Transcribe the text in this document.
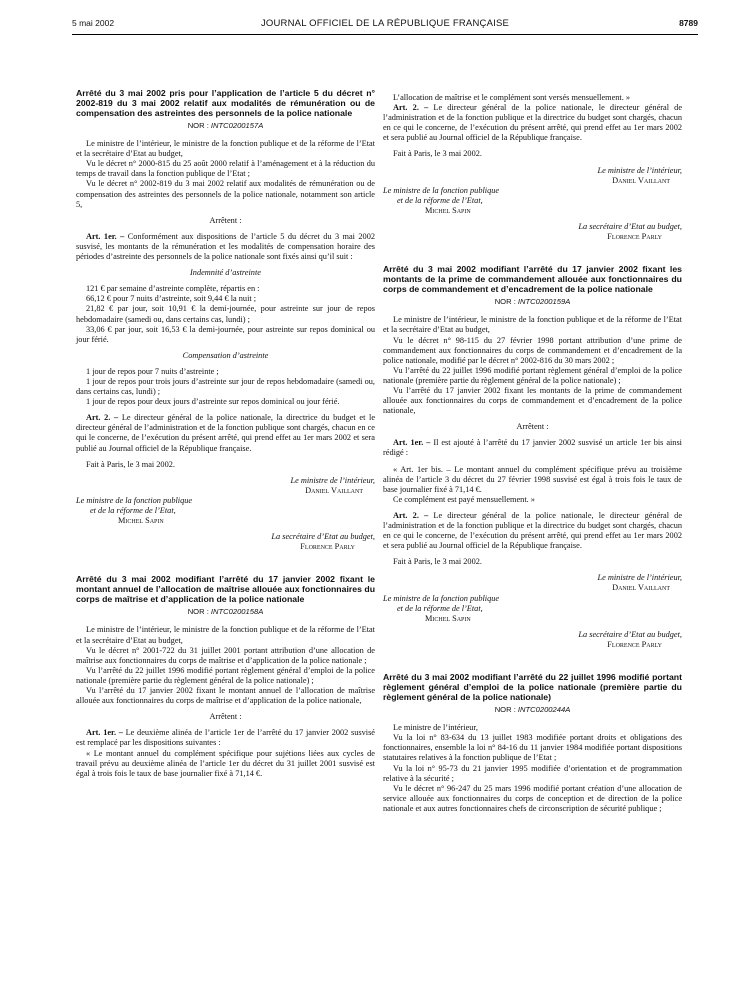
5 mai 2002	JOURNAL OFFICIEL DE LA RÉPUBLIQUE FRANÇAISE	8789
Arrêté du 3 mai 2002 pris pour l’application de l’article 5 du décret n° 2002-819 du 3 mai 2002 relatif aux modalités de rémunération ou de compensation des astreintes des personnels de la police nationale
NOR : INTC0200157A

Le ministre de l’intérieur, le ministre de la fonction publique et de la réforme de l’Etat et la secrétaire d’Etat au budget,

Vu le décret n° 2000-815 du 25 août 2000 relatif à l’aménagement et à la réduction du temps de travail dans la fonction publique de l’Etat ;

Vu le décret n° 2002-819 du 3 mai 2002 relatif aux modalités de rémunération ou de compensation des astreintes des personnels de la police nationale, notamment son article 5,

Arrêtent :

Art. 1er. – Conformément aux dispositions de l’article 5 du décret du 3 mai 2002 susvisé, les montants de la rémunération et les modalités de compensation horaire des périodes d’astreinte des personnels de la police nationale sont fixés ainsi qu’il suit :

Indemnité d’astreinte

121 € par semaine d’astreinte complète, répartis en :

66,12 € pour 7 nuits d’astreinte, soit 9,44 € la nuit ;

21,82 € par jour, soit 10,91 € la demi-journée, pour astreinte sur jour de repos hebdomadaire (samedi ou, dans certains cas, lundi) ;

33,06 € par jour, soit 16,53 € la demi-journée, pour astreinte sur repos dominical ou jour férié.

Compensation d’astreinte

1 jour de repos pour 7 nuits d’astreinte ;

1 jour de repos pour trois jours d’astreinte sur jour de repos hebdomadaire (samedi ou, dans certains cas, lundi) ;

1 jour de repos pour deux jours d’astreinte sur repos dominical ou jour férié.

Art. 2. – Le directeur général de la police nationale, la directrice du budget et le directeur général de l’administration et de la fonction publique sont chargés, chacun en ce qui le concerne, de l’exécution du présent arrêté, qui prend effet au 1er mars 2002 et sera publié au Journal officiel de la République française.

Fait à Paris, le 3 mai 2002.

Le ministre de l’intérieur,

Daniel Vaillant

Le ministre de la fonction publique

et de la réforme de l’Etat,

Michel Sapin

La secrétaire d’Etat au budget,

Florence Parly

Arrêté du 3 mai 2002 modifiant l’arrêté du 17 janvier 2002 fixant le montant annuel de l’allocation de maîtrise allouée aux fonctionnaires du corps de maîtrise et d’application de la police nationale
NOR : INTC0200158A

Le ministre de l’intérieur, le ministre de la fonction publique et de la réforme de l’Etat et la secrétaire d’Etat au budget,

Vu le décret n° 2001-722 du 31 juillet 2001 portant attribution d’une allocation de maîtrise aux fonctionnaires du corps de maîtrise et d’application de la police nationale ;

Vu l’arrêté du 22 juillet 1996 modifié portant règlement général d’emploi de la police nationale (première partie du règlement général de la police nationale) ;

Vu l’arrêté du 17 janvier 2002 fixant le montant annuel de l’allocation de maîtrise allouée aux fonctionnaires du corps de maîtrise et d’application de la police nationale,

Arrêtent :

Art. 1er. – Le deuxième alinéa de l’article 1er de l’arrêté du 17 janvier 2002 susvisé est remplacé par les dispositions suivantes :

« Le montant annuel du complément spécifique pour sujétions liées aux cycles de travail prévu au deuxième alinéa de l’article 1er du décret du 31 juillet 2001 susvisé est égal à trois fois le taux de base journalier fixé à 71,14 €.

L’allocation de maîtrise et le complément sont versés mensuellement. »

Art. 2. – Le directeur général de la police nationale, le directeur général de l’administration et de la fonction publique et la directrice du budget sont chargés, chacun en ce qui le concerne, de l’exécution du présent arrêté, qui prend effet au 1er mars 2002 et sera publié au Journal officiel de la République française.

Fait à Paris, le 3 mai 2002.

Le ministre de l’intérieur,

Daniel Vaillant

Le ministre de la fonction publique

et de la réforme de l’Etat,

Michel Sapin

La secrétaire d’Etat au budget,

Florence Parly

Arrêté du 3 mai 2002 modifiant l’arrêté du 17 janvier 2002 fixant les montants de la prime de commandement allouée aux fonctionnaires du corps de commandement et d’encadrement de la police nationale
NOR : INTC0200159A

Le ministre de l’intérieur, le ministre de la fonction publique et de la réforme de l’Etat et la secrétaire d’Etat au budget,

Vu le décret n° 98-115 du 27 février 1998 portant attribution d’une prime de commandement aux fonctionnaires du corps de commandement et d’encadrement de la police nationale, modifié par le décret n° 2002-816 du 30 mars 2002 ;

Vu l’arrêté du 22 juillet 1996 modifié portant règlement général d’emploi de la police nationale (première partie du règlement général de la police nationale) ;

Vu l’arrêté du 17 janvier 2002 fixant les montants de la prime de commandement allouée aux fonctionnaires du corps de commandement et d’encadrement de la police nationale,

Arrêtent :

Art. 1er. – Il est ajouté à l’arrêté du 17 janvier 2002 susvisé un article 1er bis ainsi rédigé :

« Art. 1er bis. – Le montant annuel du complément spécifique prévu au troisième alinéa de l’article 3 du décret du 27 février 1998 susvisé est égal à trois fois le taux de base journalier fixé à 71,14 €.

Ce complément est payé mensuellement. »

Art. 2. – Le directeur général de la police nationale, le directeur général de l’administration et de la fonction publique et la directrice du budget sont chargés, chacun en ce qui le concerne, de l’exécution du présent arrêté, qui prend effet au 1er mars 2002 et sera publié au Journal officiel de la République française.

Fait à Paris, le 3 mai 2002.

Le ministre de l’intérieur,

Daniel Vaillant

Le ministre de la fonction publique

et de la réforme de l’Etat,

Michel Sapin

La secrétaire d’Etat au budget,

Florence Parly

Arrêté du 3 mai 2002 modifiant l’arrêté du 22 juillet 1996 modifié portant règlement général d’emploi de la police nationale (première partie du règlement général de la police nationale)
NOR : INTC0200244A

Le ministre de l’intérieur,

Vu la loi n° 83-634 du 13 juillet 1983 modifiée portant droits et obligations des fonctionnaires, ensemble la loi n° 84-16 du 11 janvier 1984 modifiée portant dispositions statutaires relatives à la fonction publique de l’Etat ;

Vu la loi n° 95-73 du 21 janvier 1995 modifiée d’orientation et de programmation relative à la sécurité ;

Vu le décret n° 96-247 du 25 mars 1996 modifié portant création d’une allocation de service allouée aux fonctionnaires du corps de conception et de direction de la police nationale et aux autres fonctionnaires chefs de circonscription de sécurité publique ;
